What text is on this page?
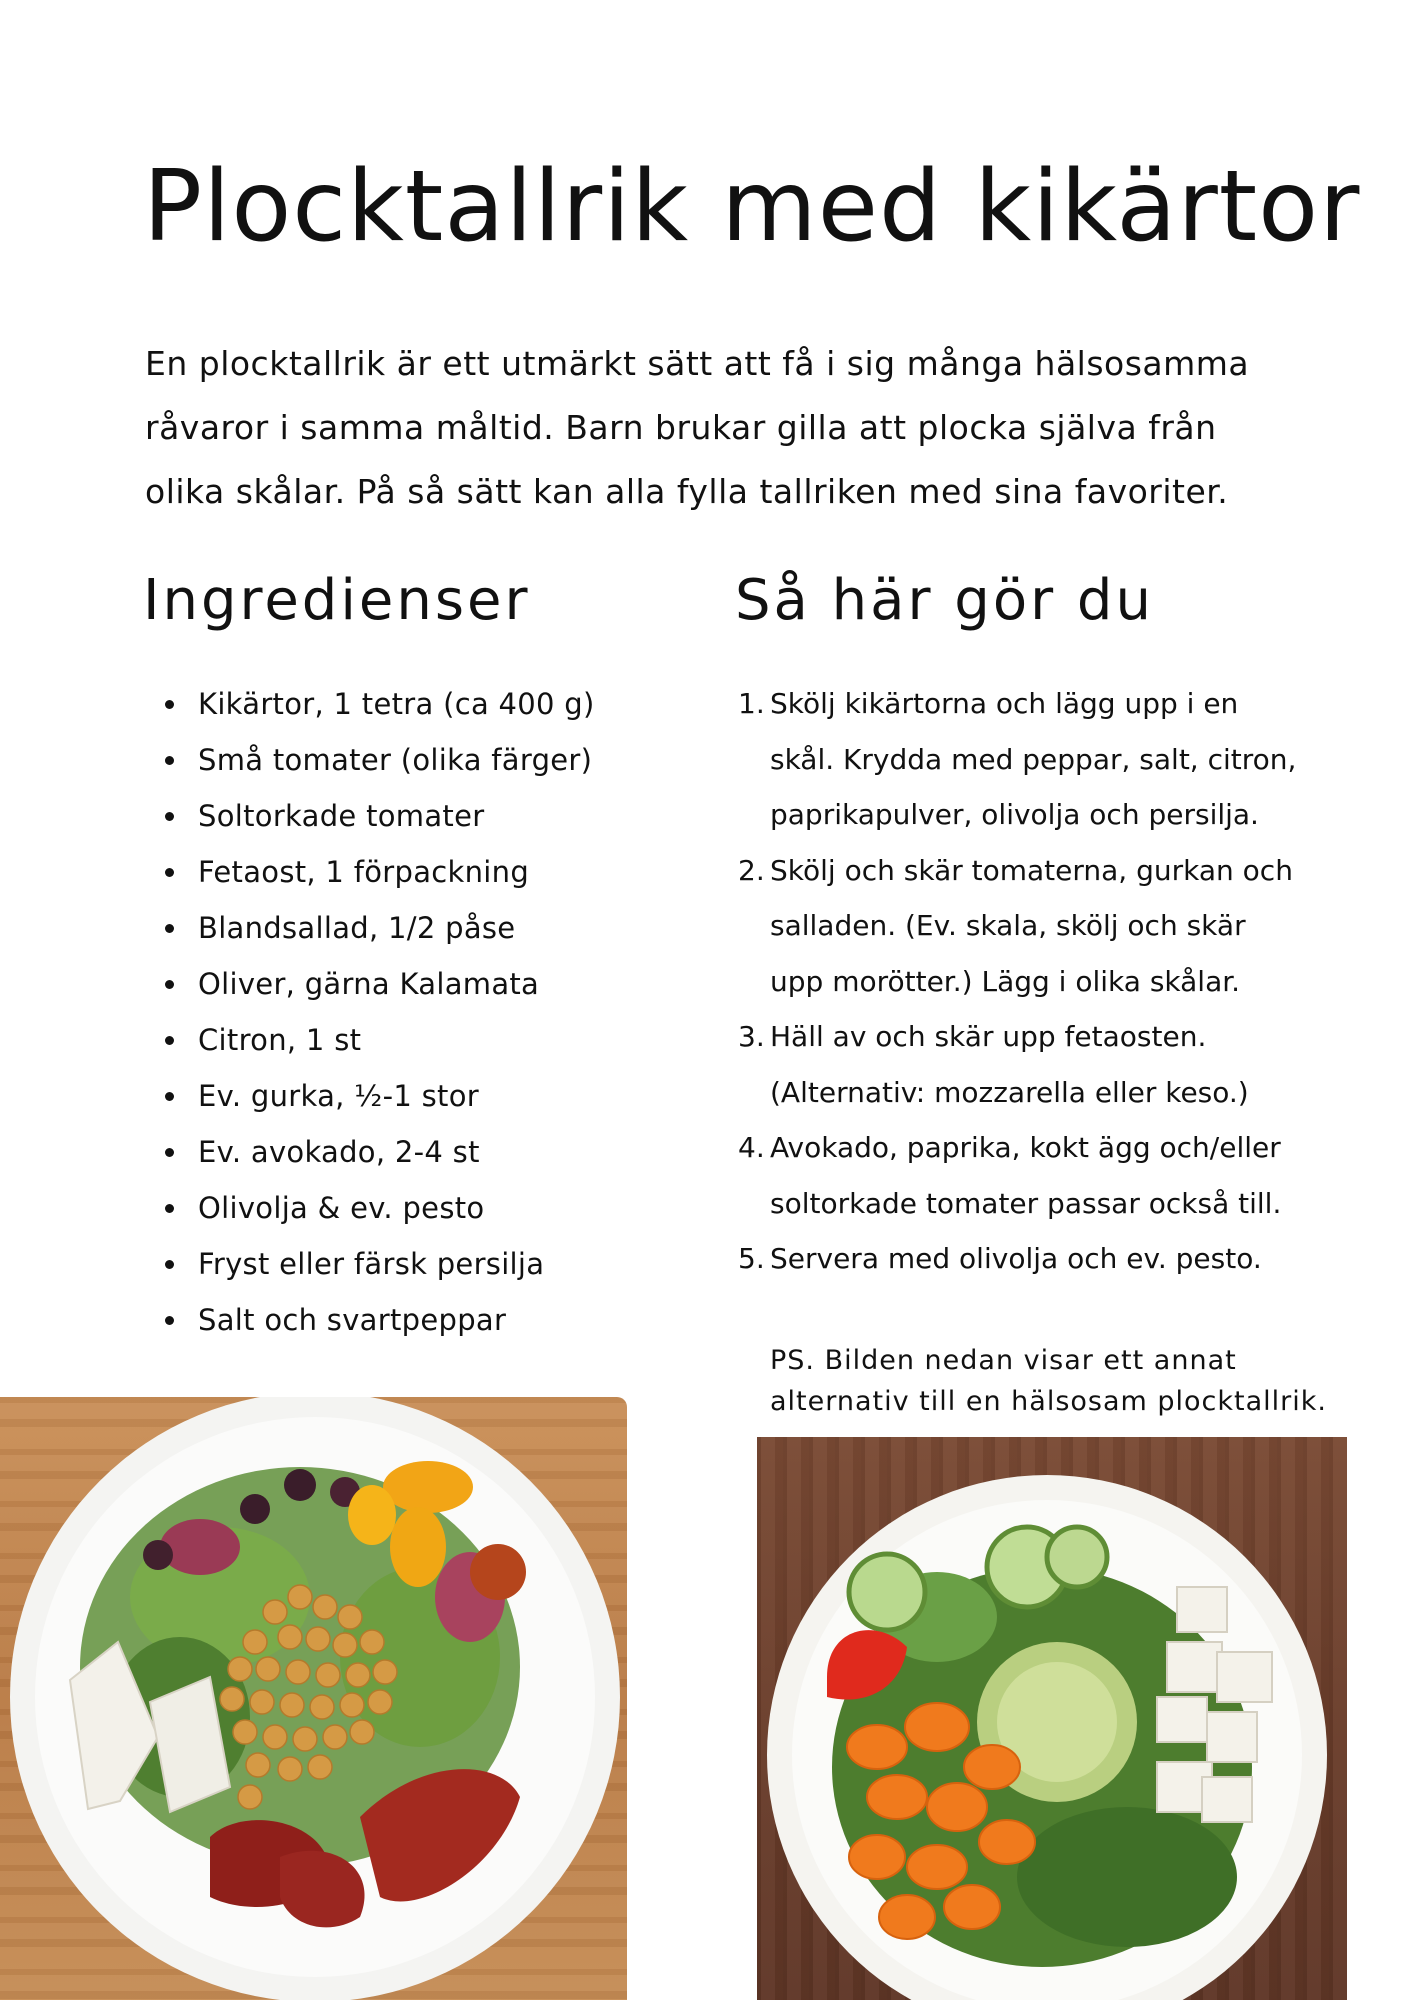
Plocktallrik med kikärtor

En plocktallrik är ett utmärkt sätt att få i sig många hälsosamma råvaror i samma måltid. Barn brukar gilla att plocka själva från olika skålar. På så sätt kan alla fylla tallriken med sina favoriter.

Ingredienser	Så här gör du
Kikärtor, 1 tetra (ca 400 g)
Små tomater (olika färger)
Soltorkade tomater
Fetaost, 1 förpackning
Blandsallad, 1/2 påse
Oliver, gärna Kalamata
Citron, 1 st
Ev. gurka, ½-1 stor
Ev. avokado, 2-4 st
Olivolja & ev. pesto
Fryst eller färsk persilja
Salt och svartpeppar
1. Skölj kikärtorna och lägg upp i en
skål. Krydda med peppar, salt, citron,
paprikapulver, olivolja och persilja.
2. Skölj och skär tomaterna, gurkan och
salladen. (Ev. skala, skölj och skär
upp morötter.) Lägg i olika skålar.
3. Häll av och skär upp fetaosten.
(Alternativ: mozzarella eller keso.)
4. Avokado, paprika, kokt ägg och/eller
soltorkade tomater passar också till.
5. Servera med olivolja och ev. pesto.
PS. Bilden nedan visar ett annat
alternativ till en hälsosam plocktallrik.
